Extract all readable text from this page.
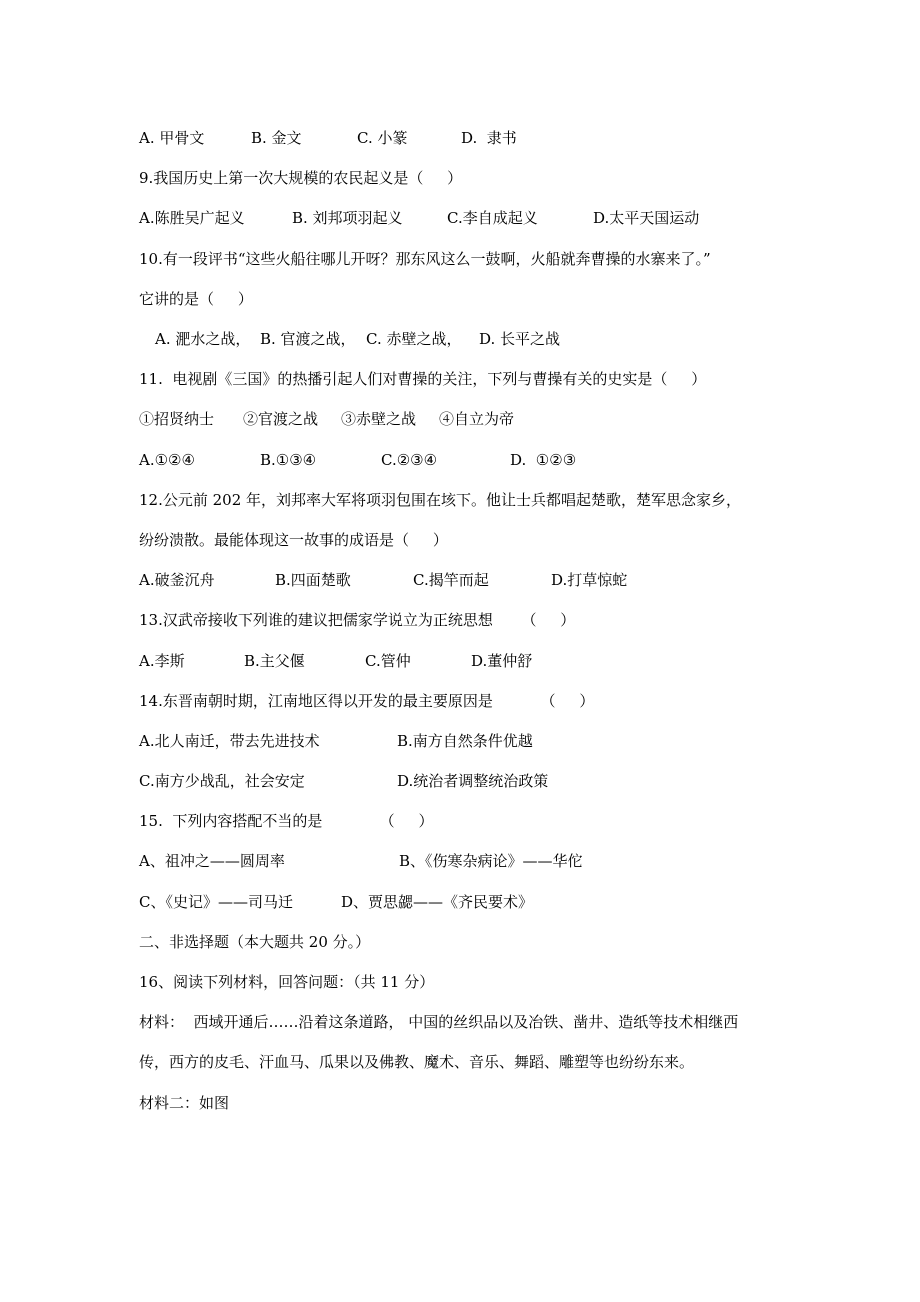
A. 甲骨文

	B. 金文

	C. 小篆

	D.  隶书

9.我国历史上第一次大规模的农民起义是（     ）

A.陈胜吴广起义

	B. 刘邦项羽起义

	C.李自成起义

	D.太平天国运动

10.有一段评书“这些火船往哪儿开呀？那东风这么一鼓啊，火船就奔曹操的水寨来了。”
它讲的是（     ）

A. 淝水之战，

B. 官渡之战，

C. 赤壁之战，

D. 长平之战

11.  电视剧《三国》的热播引起人们对曹操的关注，下列与曹操有关的史实是（     ）

①招贤纳士

②官渡之战

③赤壁之战

④自立为帝

A.①②④

	B.①③④

	C.②③④

	D.  ①②③

12.公元前 202 年，刘邦率大军将项羽包围在垓下。他让士兵都唱起楚歌，楚军思念家乡，
纷纷溃散。最能体现这一故事的成语是（     ）

A.破釜沉舟

	B.四面楚歌

	C.揭竿而起

	D.打草惊蛇

13.汉武帝接收下列谁的建议把儒家学说立为正统思想      （     ）

A.李斯

	B.主父偃

	C.管仲

	D.董仲舒

14.东晋南朝时期，江南地区得以开发的最主要原因是          （     ）

A.北人南迁，带去先进技术

	B.南方自然条件优越

C.南方少战乱，社会安定

	D.统治者调整统治政策

15.  下列内容搭配不当的是            （     ）

A、祖冲之——圆周率

	B、《伤寒杂病论》——华佗

C、《史记》——司马迁

	D、贾思勰——《齐民要术》

二、非选择题（本大题共 20 分。）
16、阅读下列材料，回答问题：（共 11 分）
材料：  西域开通后……沿着这条道路， 中国的丝织品以及冶铁、凿井、造纸等技术相继西
传，西方的皮毛、汗血马、瓜果以及佛教、魔术、音乐、舞蹈、雕塑等也纷纷东来。
材料二：如图
